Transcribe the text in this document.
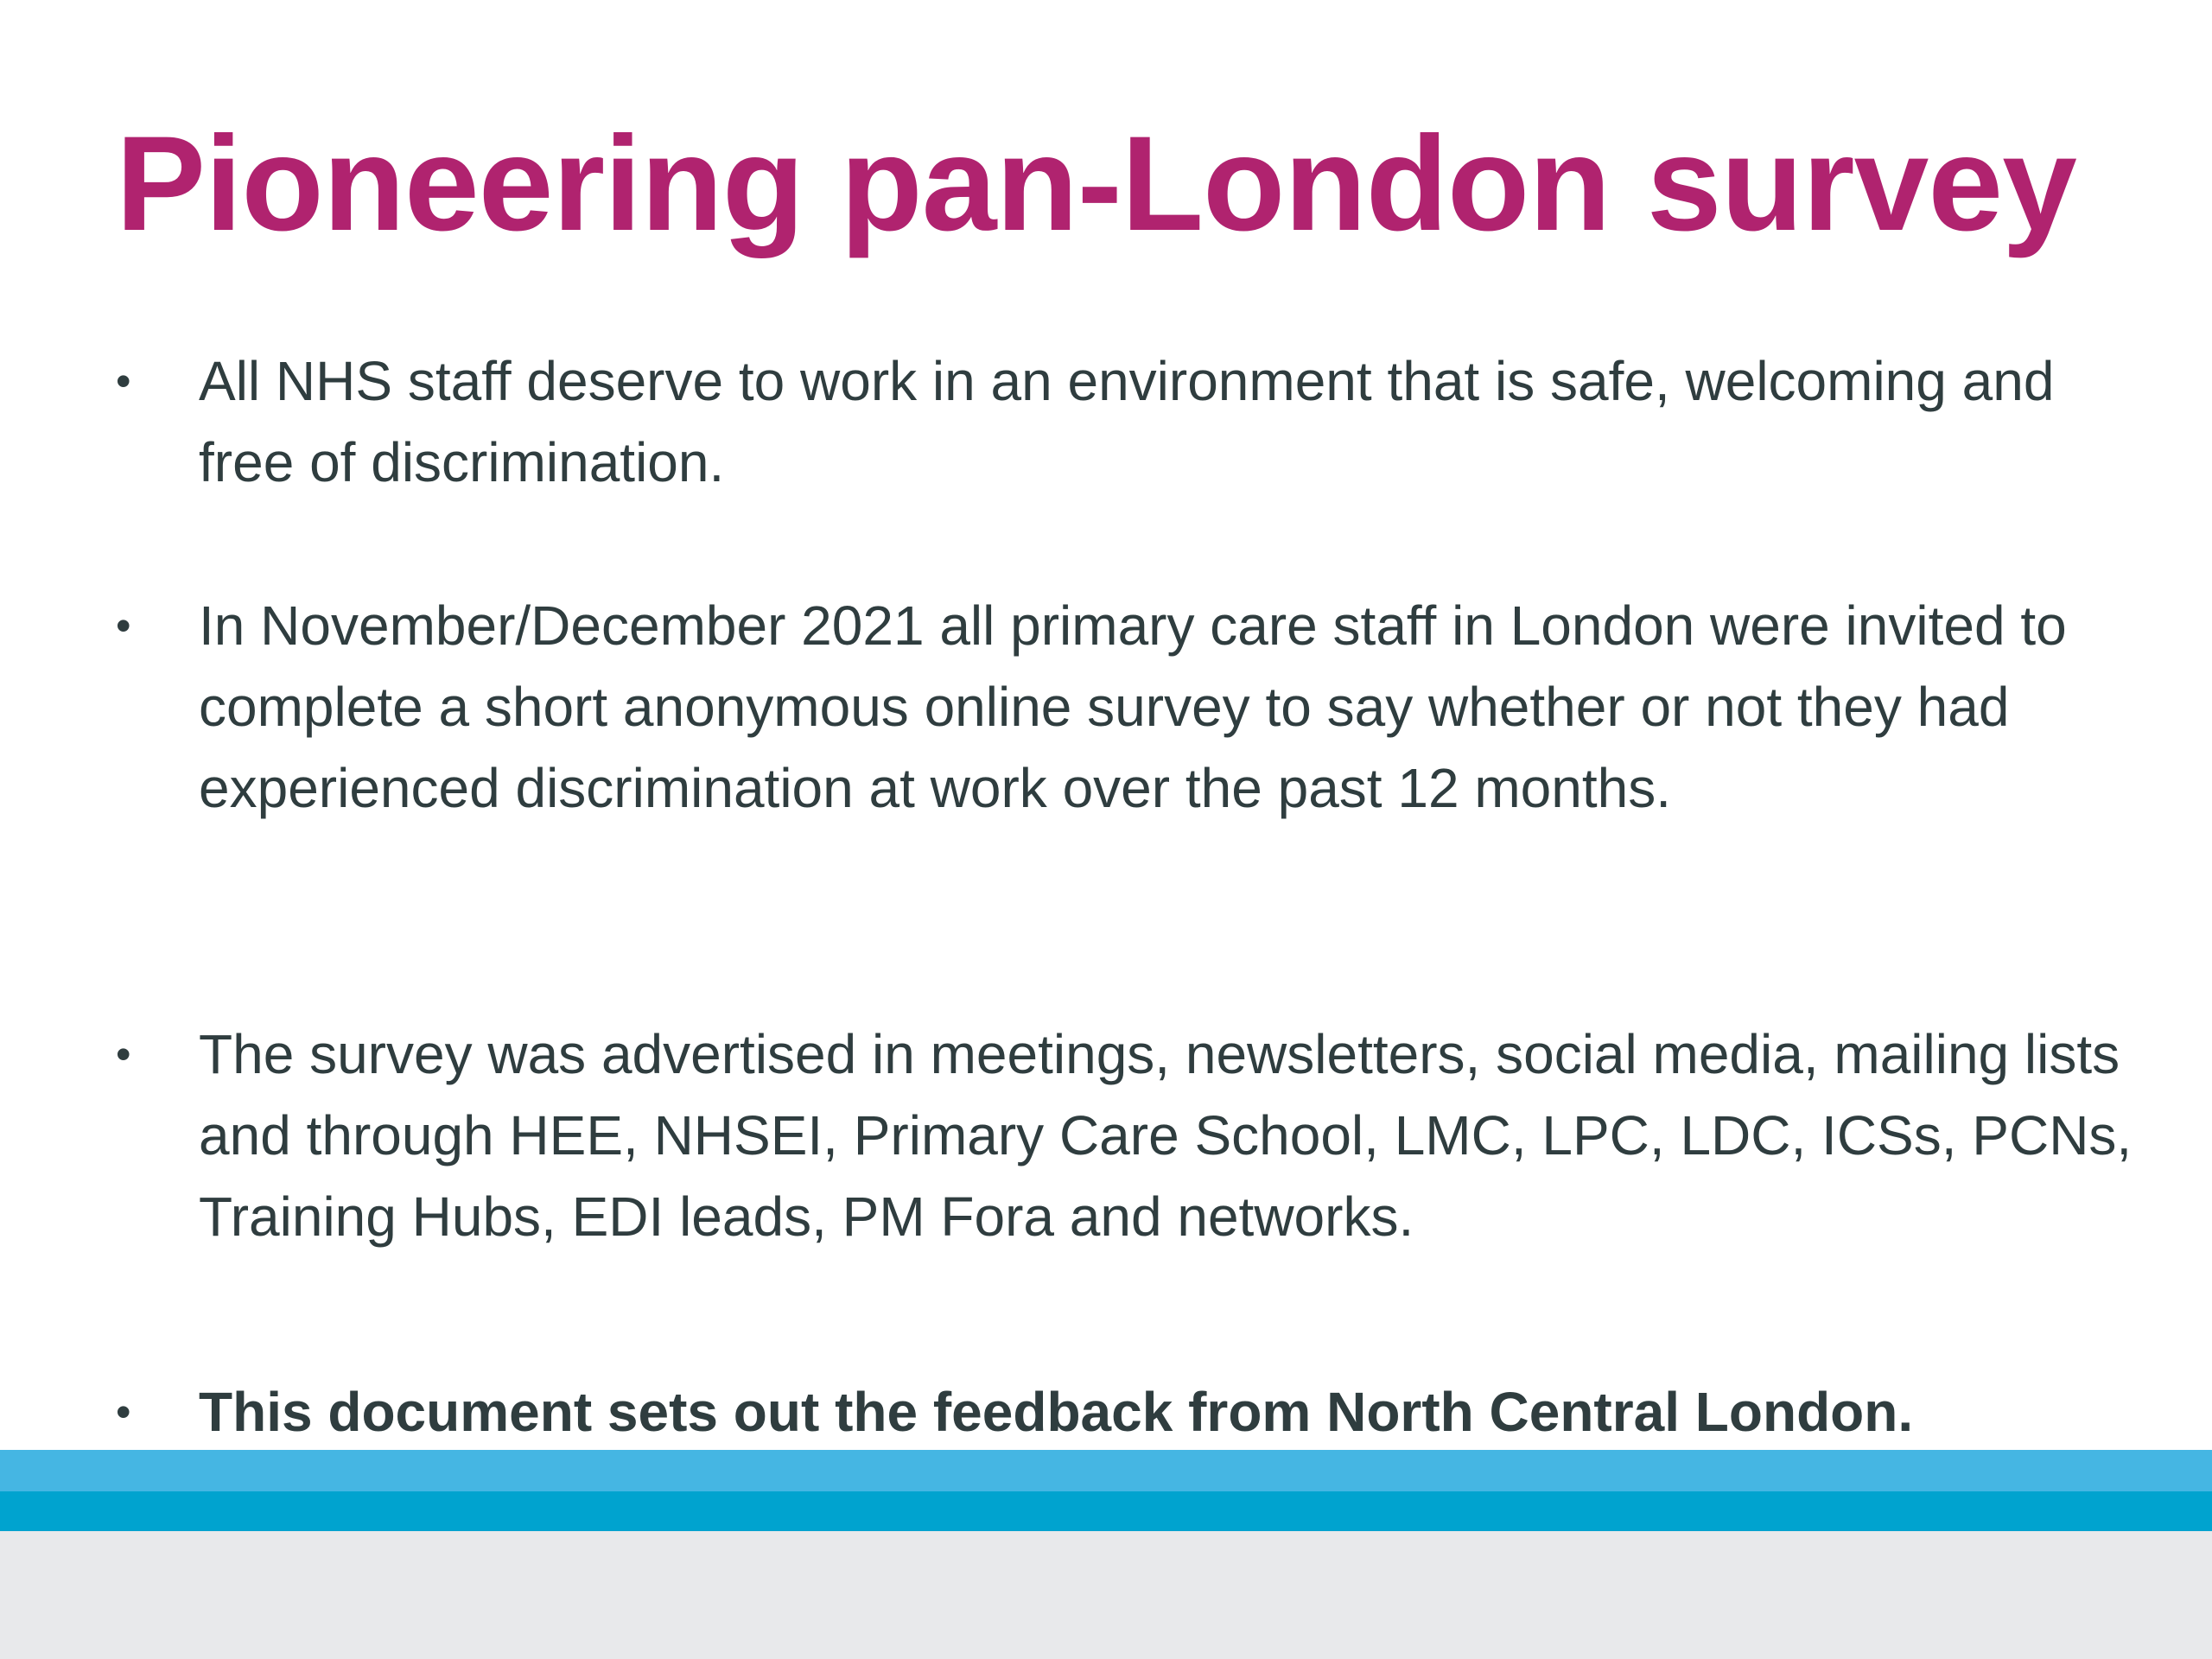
Pioneering pan-London survey
•	All NHS staff deserve to work in an environment that is safe, welcoming and free of discrimination.
•	In November/December 2021 all primary care staff in London were invited to complete a short anonymous online survey to say whether or not they had experienced discrimination at work over the past 12 months.
•	The survey was advertised in meetings, newsletters, social media, mailing lists and through HEE, NHSEI, Primary Care School, LMC, LPC, LDC, ICSs, PCNs, Training Hubs, EDI leads, PM Fora and networks.
•	This document sets out the feedback from North Central London.
